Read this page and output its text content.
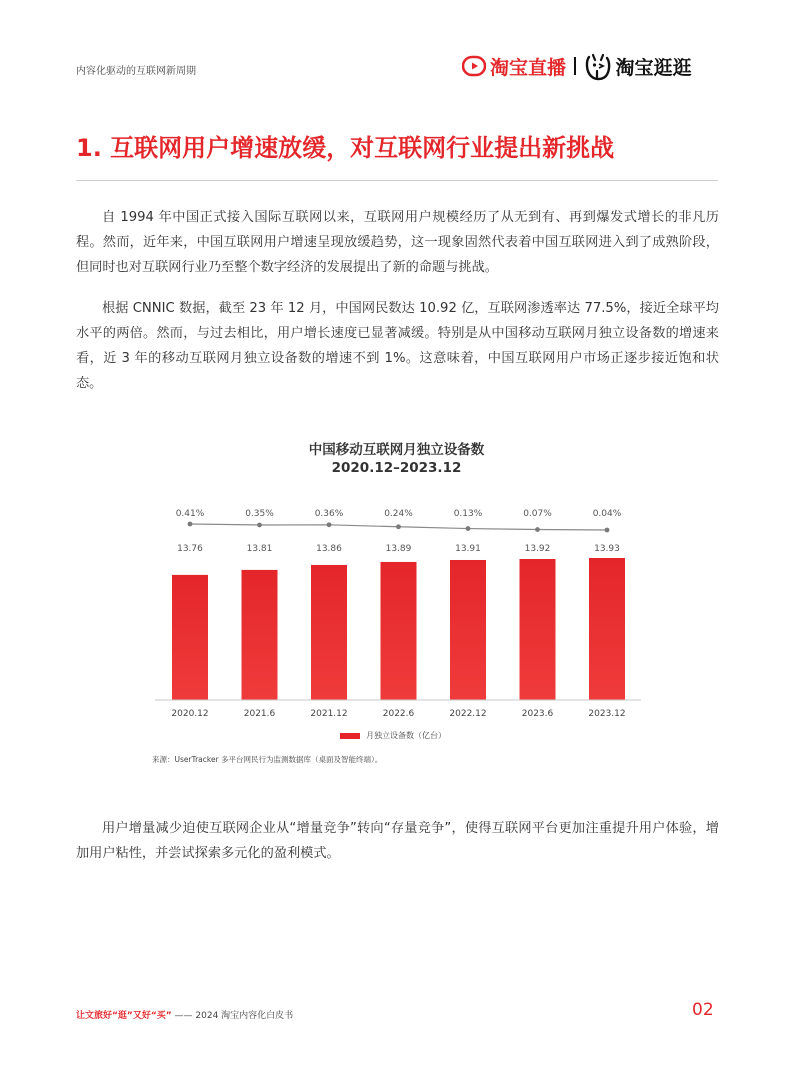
内容化驱动的互联网新周期	淘宝直播	淘宝逛逛
1. 互联网用户增速放缓，对互联网行业提出新挑战

自 1994 年中国正式接入国际互联网以来，互联网用户规模经历了从无到有、再到爆发式增长的非凡历程。然而，近年来，中国互联网用户增速呈现放缓趋势，这一现象固然代表着中国互联网进入到了成熟阶段，但同时也对互联网行业乃至整个数字经济的发展提出了新的命题与挑战。

根据 CNNIC 数据，截至 23 年 12 月，中国网民数达 10.92 亿，互联网渗透率达 77.5%，接近全球平均水平的两倍。然而，与过去相比，用户增长速度已显著减缓。特别是从中国移动互联网月独立设备数的增速来看，近 3 年的移动互联网月独立设备数的增速不到 1%。这意味着，中国互联网用户市场正逐步接近饱和状态。

中国移动互联网月独立设备数
2020.12–2023.12
13.76
2020.12
0.41%
13.81
2021.6
0.35%
13.86
2021.12
0.36%
13.89
2022.6
0.24%
13.91
2022.12
0.13%
13.92
2023.6
0.07%
13.93
2023.12
0.04%
月独立设备数（亿台）
来源：UserTracker 多平台网民行为监测数据库（桌面及智能终端）。

用户增量减少迫使互联网企业从“增量竞争”转向“存量竞争”，使得互联网平台更加注重提升用户体验，增加用户粘性，并尝试探索多元化的盈利模式。

让文旅好“逛”又好“买” —— 2024 淘宝内容化白皮书	02
